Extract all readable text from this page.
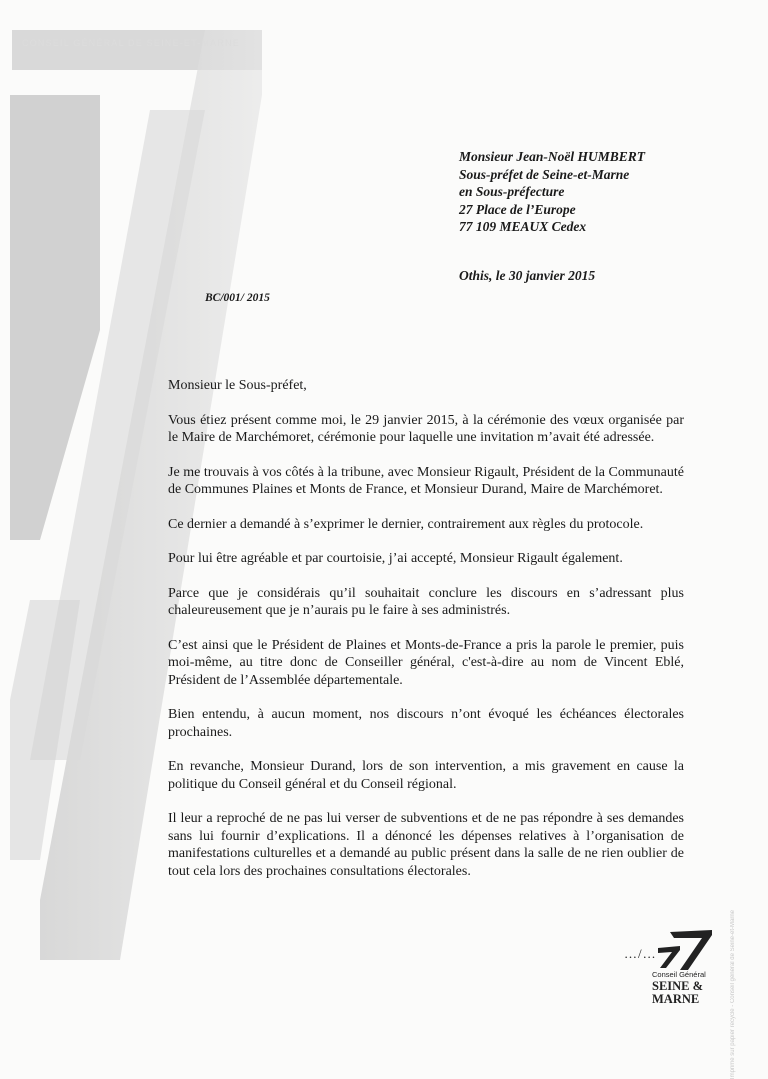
CONSEIL GÉNÉRAL DE SEINE-ET-MARNE
Monsieur Jean-Noël HUMBERT
Sous-préfet de Seine-et-Marne
en Sous-préfecture
27 Place de l’Europe
77 109 MEAUX Cedex
Othis, le 30 janvier 2015
BC/001/ 2015
Monsieur le Sous-préfet,

Vous étiez présent comme moi, le 29 janvier 2015, à la cérémonie des vœux organisée par le Maire de Marchémoret, cérémonie pour laquelle une invitation m’avait été adressée.

Je me trouvais à vos côtés à la tribune, avec Monsieur Rigault, Président de la Communauté de Communes Plaines et Monts de France, et Monsieur Durand, Maire de Marchémoret.

Ce dernier a demandé à s’exprimer le dernier, contrairement aux règles du protocole.

Pour lui être agréable et par courtoisie, j’ai accepté, Monsieur Rigault également.

Parce que je considérais qu’il souhaitait conclure les discours en s’adressant plus chaleureusement que je n’aurais pu le faire à ses administrés.

C’est ainsi que le Président de Plaines et Monts-de-France a pris la parole le premier, puis moi-même, au titre donc de Conseiller général, c'est-à-dire au nom de Vincent Eblé, Président de l’Assemblée départementale.

Bien entendu, à aucun moment, nos discours n’ont évoqué les échéances électorales prochaines.

En revanche, Monsieur Durand, lors de son intervention, a mis gravement en cause la politique du Conseil général et du Conseil régional.

Il leur a reproché de ne pas lui verser de subventions et de ne pas répondre à ses demandes sans lui fournir d’explications. Il a dénoncé les dépenses relatives à l’organisation de manifestations culturelles et a demandé au public présent dans la salle de ne rien oublier de tout cela lors des prochaines consultations électorales.

…/…
Conseil Général
SEINE &
MARNE	Imprimé sur papier recyclé - Conseil général de Seine-et-Marne
